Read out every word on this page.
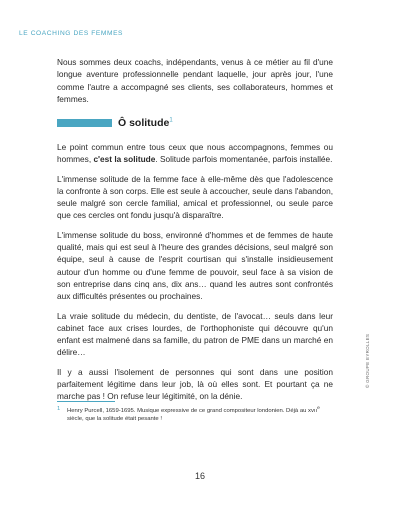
LE COACHING DES FEMMES

Nous sommes deux coachs, indépendants, venus à ce métier au fil d'une longue aventure professionnelle pendant laquelle, jour après jour, l'une comme l'autre a accompagné ses clients, ses collaborateurs, hommes et femmes.

Ô solitude$^1$

Le point commun entre tous ceux que nous accompagnons, femmes ou hommes, c'est la solitude. Solitude parfois momentanée, parfois installée.

L'immense solitude de la femme face à elle-même dès que l'adolescence la confronte à son corps. Elle est seule à accoucher, seule dans l'abandon, seule malgré son cercle familial, amical et professionnel, ou seule parce que ces cercles ont fondu jusqu'à disparaître.

L'immense solitude du boss, environné d'hommes et de femmes de haute qualité, mais qui est seul à l'heure des grandes décisions, seul malgré son équipe, seul à cause de l'esprit courtisan qui s'installe insidieusement autour d'un homme ou d'une femme de pouvoir, seul face à sa vision de son entreprise dans cinq ans, dix ans… quand les autres sont confrontés aux difficultés présentes ou prochaines.

La vraie solitude du médecin, du dentiste, de l'avocat… seuls dans leur cabinet face aux crises lourdes, de l'orthophoniste qui découvre qu'un enfant est malmené dans sa famille, du patron de PME dans un marché en délire…

Il y a aussi l'isolement de personnes qui sont dans une position parfaitement légitime dans leur job, là où elles sont. Et pourtant ça ne marche pas ! On refuse leur légitimité, on la dénie.

1	Henry Purcell, 1659-1695. Musique expressive de ce grand compositeur londonien. Déjà au xvıı$^e$ siècle, que la solitude était pesante !
© GROUPE EYROLLES
16
